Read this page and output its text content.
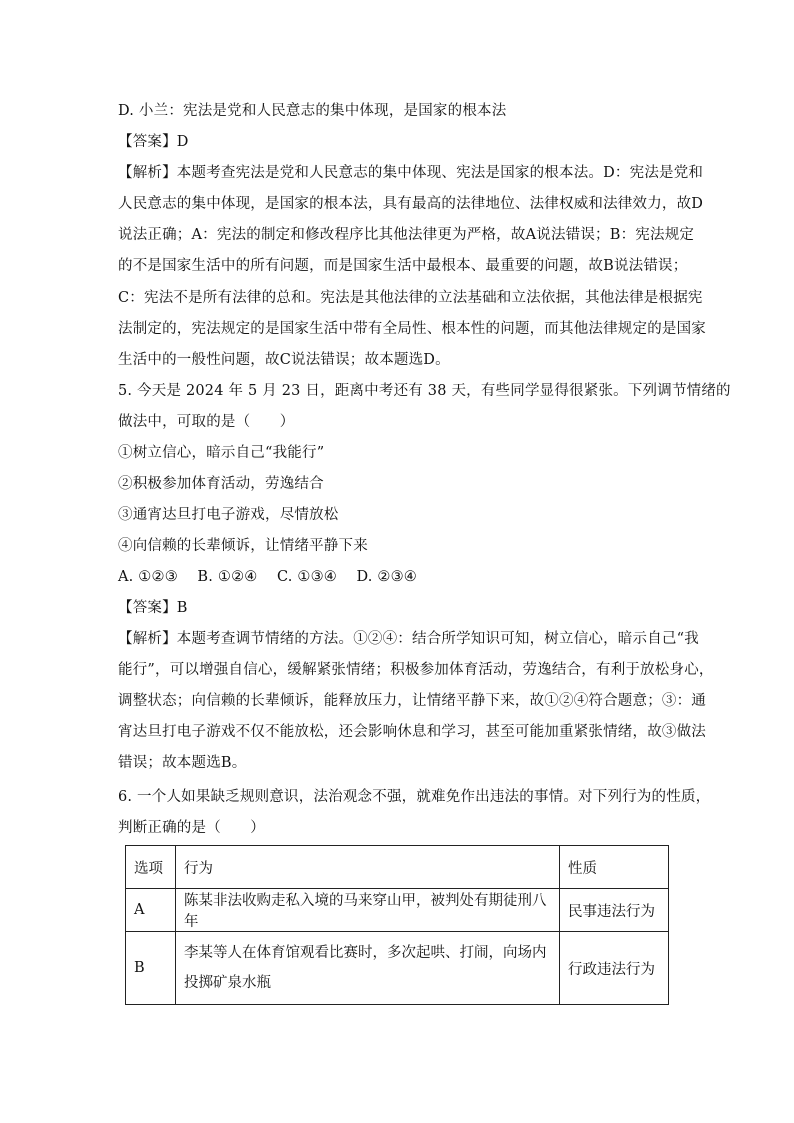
D. 小兰：宪法是党和人民意志的集中体现，是国家的根本法
【答案】D
【解析】本题考查宪法是党和人民意志的集中体现、宪法是国家的根本法。D：宪法是党和
人民意志的集中体现，是国家的根本法，具有最高的法律地位、法律权威和法律效力，故D
说法正确；A：宪法的制定和修改程序比其他法律更为严格，故A说法错误；B：宪法规定
的不是国家生活中的所有问题，而是国家生活中最根本、最重要的问题，故B说法错误；
C：宪法不是所有法律的总和。宪法是其他法律的立法基础和立法依据，其他法律是根据宪
法制定的，宪法规定的是国家生活中带有全局性、根本性的问题，而其他法律规定的是国家
生活中的一般性问题，故C说法错误；故本题选D。
5. 今天是 2024 年 5 月 23 日，距离中考还有 38 天，有些同学显得很紧张。下列调节情绪的
做法中，可取的是（　　）
①树立信心，暗示自己“我能行”
②积极参加体育活动，劳逸结合
③通宵达旦打电子游戏，尽情放松
④向信赖的长辈倾诉，让情绪平静下来
A. ①②③　 B. ①②④　 C. ①③④　 D. ②③④
【答案】B
【解析】本题考查调节情绪的方法。①②④：结合所学知识可知，树立信心，暗示自己“我
能行”，可以增强自信心，缓解紧张情绪；积极参加体育活动，劳逸结合，有利于放松身心，
调整状态；向信赖的长辈倾诉，能释放压力，让情绪平静下来，故①②④符合题意；③：通
宵达旦打电子游戏不仅不能放松，还会影响休息和学习，甚至可能加重紧张情绪，故③做法
错误；故本题选B。
6. 一个人如果缺乏规则意识，法治观念不强，就难免作出违法的事情。对下列行为的性质，
判断正确的是（　　）
选项	行为	性质
A	陈某非法收购走私入境的马来穿山甲，被判处有期徒刑八年	民事违法行为
B	李某等人在体育馆观看比赛时，多次起哄、打闹，向场内投掷矿泉水瓶	行政违法行为
